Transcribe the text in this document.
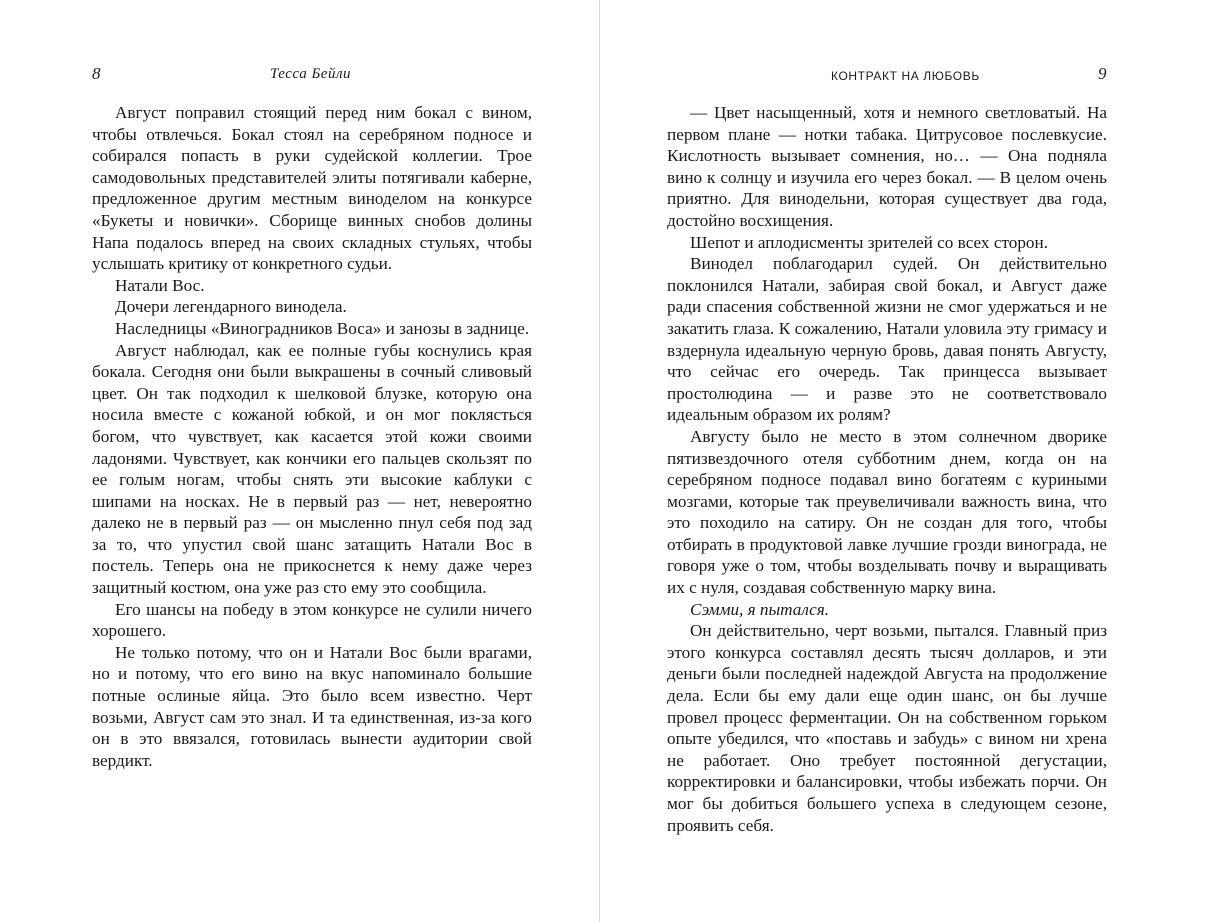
8	Тесса Бейли

Август поправил стоящий перед ним бокал с вином, чтобы отвлечься. Бокал стоял на серебряном подносе и собирался попасть в руки судейской коллегии. Трое самодовольных представителей элиты потягивали каберне, предложенное другим местным виноделом на конкурсе «Букеты и новички». Сборище винных снобов долины Напа подалось вперед на своих складных стульях, чтобы услышать критику от конкретного судьи.

Натали Вос.

Дочери легендарного винодела.

Наследницы «Виноградников Воса» и занозы в заднице.

Август наблюдал, как ее полные губы коснулись края бокала. Сегодня они были выкрашены в сочный сливовый цвет. Он так подходил к шелковой блузке, которую она носила вместе с кожаной юбкой, и он мог поклясться богом, что чувствует, как касается этой кожи своими ладонями. Чувствует, как кончики его пальцев скользят по ее голым ногам, чтобы снять эти высокие каблуки с шипами на носках. Не в первый раз — нет, невероятно далеко не в первый раз — он мысленно пнул себя под зад за то, что упустил свой шанс затащить Натали Вос в постель. Теперь она не прикоснется к нему даже через защитный костюм, она уже раз сто ему это сообщила.

Его шансы на победу в этом конкурсе не сулили ничего хорошего.

Не только потому, что он и Натали Вос были врагами, но и потому, что его вино на вкус напоминало большие потные ослиные яйца. Это было всем известно. Черт возьми, Август сам это знал. И та единственная, из-за кого он в это ввязался, готовилась вынести аудитории свой вердикт.

КОНТРАКТ НА ЛЮБОВЬ	9

— Цвет насыщенный, хотя и немного светловатый. На первом плане — нотки табака. Цитрусовое послевкусие. Кислотность вызывает сомнения, но… — Она подняла вино к солнцу и изучила его через бокал. — В целом очень приятно. Для винодельни, которая существует два года, достойно восхищения.

Шепот и аплодисменты зрителей со всех сторон.

Винодел поблагодарил судей. Он действительно поклонился Натали, забирая свой бокал, и Август даже ради спасения собственной жизни не смог удержаться и не закатить глаза. К сожалению, Натали уловила эту гримасу и вздернула идеальную черную бровь, давая понять Августу, что сейчас его очередь. Так принцесса вызывает простолюдина — и разве это не соответствовало идеальным образом их ролям?

Августу было не место в этом солнечном дворике пятизвездочного отеля субботним днем, когда он на серебряном подносе подавал вино богатеям с куриными мозгами, которые так преувеличивали важность вина, что это походило на сатиру. Он не создан для того, чтобы отбирать в продуктовой лавке лучшие грозди винограда, не говоря уже о том, чтобы возделывать почву и выращивать их с нуля, создавая собственную марку вина.

Сэмми, я пытался.

Он действительно, черт возьми, пытался. Главный приз этого конкурса составлял десять тысяч долларов, и эти деньги были последней надеждой Августа на продолжение дела. Если бы ему дали еще один шанс, он бы лучше провел процесс ферментации. Он на собственном горьком опыте убедился, что «поставь и забудь» с вином ни хрена не работает. Оно требует постоянной дегустации, корректировки и балансировки, чтобы избежать порчи. Он мог бы добиться большего успеха в следующем сезоне, проявить себя.
